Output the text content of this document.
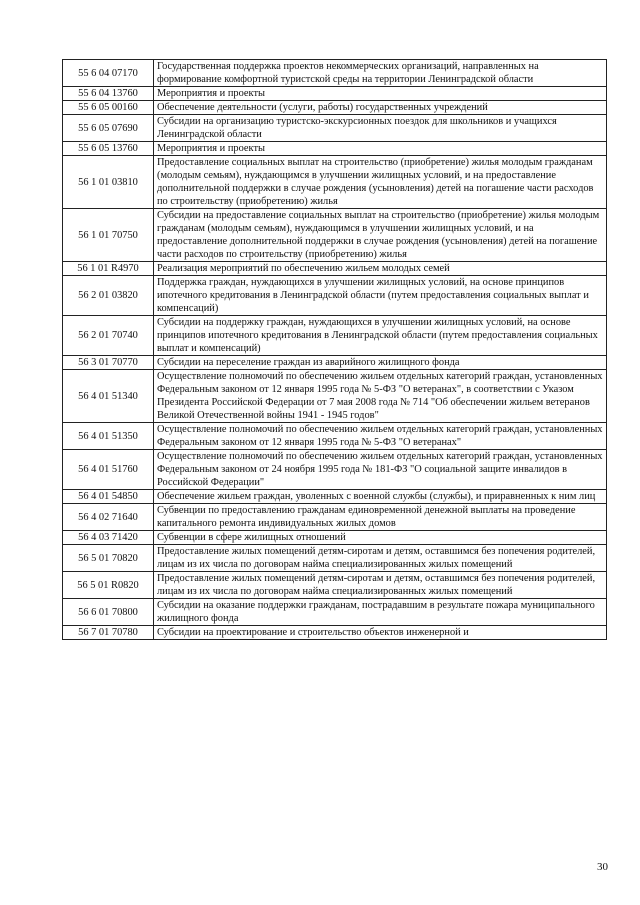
55 6 04 07170	Государственная поддержка проектов некоммерческих организаций, направленных на формирование комфортной туристской среды на территории Ленинградской области
55 6 04 13760	Мероприятия и проекты
55 6 05 00160	Обеспечение деятельности (услуги, работы) государственных учреждений
55 6 05 07690	Субсидии на организацию туристско-экскурсионных поездок для школьников и учащихся Ленинградской области
55 6 05 13760	Мероприятия и проекты
56 1 01 03810	Предоставление социальных выплат на строительство (приобретение) жилья молодым гражданам (молодым семьям), нуждающимся в улучшении жилищных условий, и на предоставление дополнительной поддержки в случае рождения (усыновления) детей на погашение части расходов по строительству (приобретению) жилья
56 1 01 70750	Субсидии на предоставление социальных выплат на строительство (приобретение) жилья молодым гражданам (молодым семьям), нуждающимся в улучшении жилищных условий, и на предоставление дополнительной поддержки в случае рождения (усыновления) детей на погашение части расходов по строительству (приобретению) жилья
56 1 01 R4970	Реализация мероприятий по обеспечению жильем молодых семей
56 2 01 03820	Поддержка граждан, нуждающихся в улучшении жилищных условий, на основе принципов ипотечного кредитования в Ленинградской области (путем предоставления социальных выплат и компенсаций)
56 2 01 70740	Субсидии на поддержку граждан, нуждающихся в улучшении жилищных условий, на основе принципов ипотечного кредитования в Ленинградской области (путем предоставления социальных выплат и компенсаций)
56 3 01 70770	Субсидии на переселение граждан из аварийного жилищного фонда
56 4 01 51340	Осуществление полномочий по обеспечению жильем отдельных категорий граждан, установленных Федеральным законом от 12 января 1995 года № 5-ФЗ "О ветеранах", в соответствии с Указом Президента Российской Федерации от 7 мая 2008 года № 714 "Об обеспечении жильем ветеранов Великой Отечественной войны 1941 - 1945 годов"
56 4 01 51350	Осуществление полномочий по обеспечению жильем отдельных категорий граждан, установленных Федеральным законом от 12 января 1995 года № 5-ФЗ "О ветеранах"
56 4 01 51760	Осуществление полномочий по обеспечению жильем отдельных категорий граждан, установленных Федеральным законом от 24 ноября 1995 года № 181-ФЗ "О социальной защите инвалидов в Российской Федерации"
56 4 01 54850	Обеспечение жильем граждан, уволенных с военной службы (службы), и приравненных к ним лиц
56 4 02 71640	Субвенции по предоставлению гражданам единовременной денежной выплаты на проведение капитального ремонта индивидуальных жилых домов
56 4 03 71420	Субвенции в сфере жилищных отношений
56 5 01 70820	Предоставление жилых помещений детям-сиротам и детям, оставшимся без попечения родителей, лицам из их числа по договорам найма специализированных жилых помещений
56 5 01 R0820	Предоставление жилых помещений детям-сиротам и детям, оставшимся без попечения родителей, лицам из их числа по договорам найма специализированных жилых помещений
56 6 01 70800	Субсидии на оказание поддержки гражданам, пострадавшим в результате пожара муниципального жилищного фонда
56 7 01 70780	Субсидии на проектирование и строительство объектов инженерной и
30
